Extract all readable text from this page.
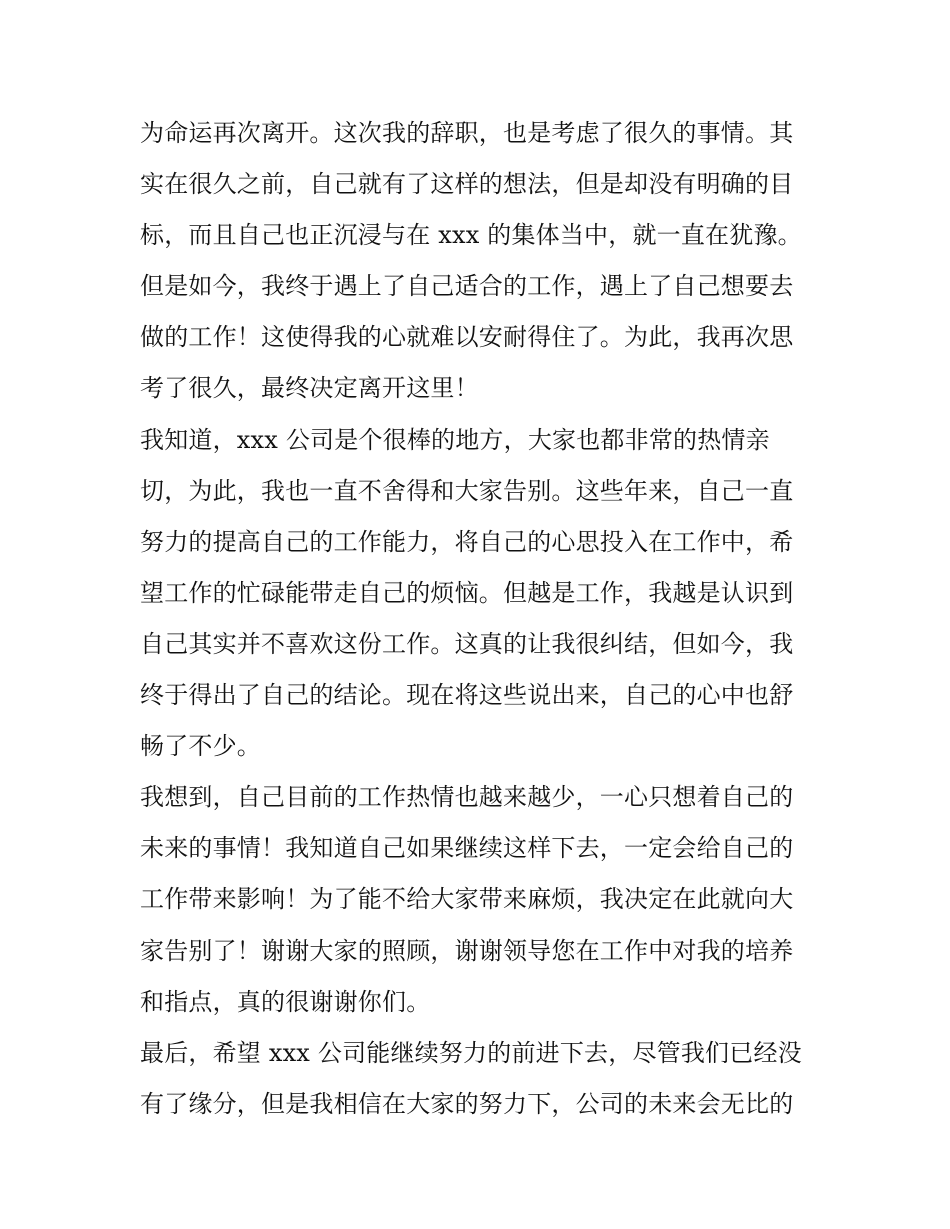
为命运再次离开。这次我的辞职，也是考虑了很久的事情。其
实在很久之前，自己就有了这样的想法，但是却没有明确的目
标，而且自己也正沉浸与在 xxx 的集体当中，就一直在犹豫。
但是如今，我终于遇上了自己适合的工作，遇上了自己想要去
做的工作！这使得我的心就难以安耐得住了。为此，我再次思
考了很久，最终决定离开这里！
我知道，xxx 公司是个很棒的地方，大家也都非常的热情亲
切，为此，我也一直不舍得和大家告别。这些年来，自己一直
努力的提高自己的工作能力，将自己的心思投入在工作中，希
望工作的忙碌能带走自己的烦恼。但越是工作，我越是认识到
自己其实并不喜欢这份工作。这真的让我很纠结，但如今，我
终于得出了自己的结论。现在将这些说出来，自己的心中也舒
畅了不少。
我想到，自己目前的工作热情也越来越少，一心只想着自己的
未来的事情！我知道自己如果继续这样下去，一定会给自己的
工作带来影响！为了能不给大家带来麻烦，我决定在此就向大
家告别了！谢谢大家的照顾，谢谢领导您在工作中对我的培养
和指点，真的很谢谢你们。
最后，希望 xxx 公司能继续努力的前进下去，尽管我们已经没
有了缘分，但是我相信在大家的努力下，公司的未来会无比的
